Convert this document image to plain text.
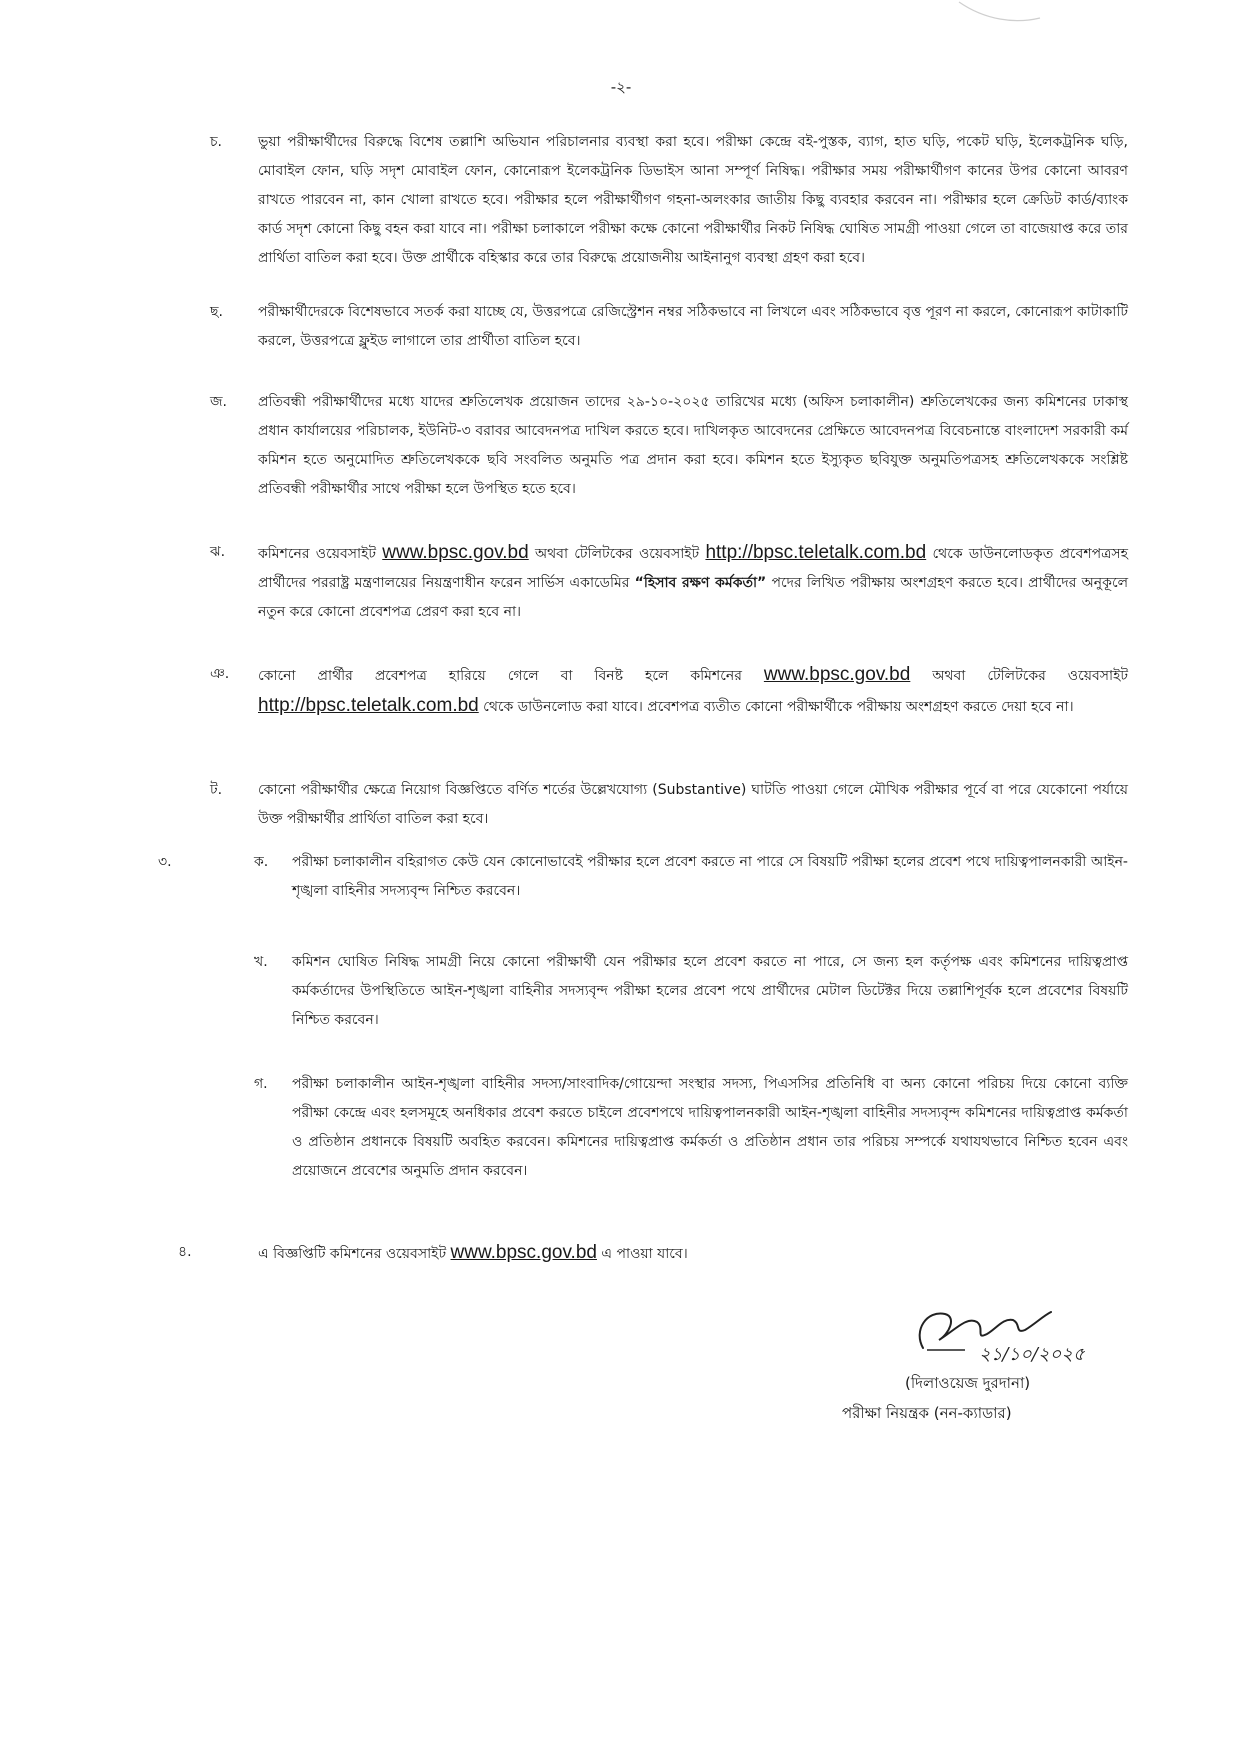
-২-
চ.	ভুয়া পরীক্ষার্থীদের বিরুদ্ধে বিশেষ তল্লাশি অভিযান পরিচালনার ব্যবস্থা করা হবে। পরীক্ষা কেন্দ্রে বই-পুস্তক, ব্যাগ, হাত ঘড়ি, পকেট ঘড়ি, ইলেকট্রনিক ঘড়ি, মোবাইল ফোন, ঘড়ি সদৃশ মোবাইল ফোন, কোনোরূপ ইলেকট্রনিক ডিভাইস আনা সম্পূর্ণ নিষিদ্ধ। পরীক্ষার সময় পরীক্ষার্থীগণ কানের উপর কোনো আবরণ রাখতে পারবেন না, কান খোলা রাখতে হবে। পরীক্ষার হলে পরীক্ষার্থীগণ গহনা-অলংকার জাতীয় কিছু ব্যবহার করবেন না। পরীক্ষার হলে ক্রেডিট কার্ড/ব্যাংক কার্ড সদৃশ কোনো কিছু বহন করা যাবে না। পরীক্ষা চলাকালে পরীক্ষা কক্ষে কোনো পরীক্ষার্থীর নিকট নিষিদ্ধ ঘোষিত সামগ্রী পাওয়া গেলে তা বাজেয়াপ্ত করে তার প্রার্থিতা বাতিল করা হবে। উক্ত প্রার্থীকে বহিস্কার করে তার বিরুদ্ধে প্রয়োজনীয় আইনানুগ ব্যবস্থা গ্রহণ করা হবে।
ছ.	পরীক্ষার্থীদেরকে বিশেষভাবে সতর্ক করা যাচ্ছে যে, উত্তরপত্রে রেজিস্ট্রেশন নম্বর সঠিকভাবে না লিখলে এবং সঠিকভাবে বৃত্ত পূরণ না করলে, কোনোরূপ কাটাকাটি করলে, উত্তরপত্রে ফ্লুইড লাগালে তার প্রার্থীতা বাতিল হবে।
জ. প্রতিবন্ধী পরীক্ষার্থীদের মধ্যে যাদের শ্রুতিলেখক প্রয়োজন তাদের ২৯-১০-২০২৫ তারিখের মধ্যে (অফিস চলাকালীন) শ্রুতিলেখকের জন্য কমিশনের ঢাকাস্থ প্রধান কার্যালয়ের পরিচালক, ইউনিট-৩ বরাবর আবেদনপত্র দাখিল করতে হবে। দাখিলকৃত আবেদনের প্রেক্ষিতে আবেদনপত্র বিবেচনান্তে বাংলাদেশ সরকারী কর্ম কমিশন হতে অনুমোদিত শ্রুতিলেখককে ছবি সংবলিত অনুমতি পত্র প্রদান করা হবে। কমিশন হতে ইস্যুকৃত ছবিযুক্ত অনুমতিপত্রসহ শ্রুতিলেখককে সংশ্লিষ্ট প্রতিবন্ধী পরীক্ষার্থীর সাথে পরীক্ষা হলে উপস্থিত হতে হবে।
ঝ. কমিশনের ওয়েবসাইট www.bpsc.gov.bd অথবা টেলিটকের ওয়েবসাইট http://bpsc.teletalk.com.bd থেকে ডাউনলোডকৃত প্রবেশপত্রসহ প্রার্থীদের পররাষ্ট্র মন্ত্রণালয়ের নিয়ন্ত্রণাধীন ফরেন সার্ভিস একাডেমির “হিসাব রক্ষণ কর্মকর্তা” পদের লিখিত পরীক্ষায় অংশগ্রহণ করতে হবে। প্রার্থীদের অনুকূলে নতুন করে কোনো প্রবেশপত্র প্রেরণ করা হবে না।
ঞ. কোনো প্রার্থীর প্রবেশপত্র হারিয়ে গেলে বা বিনষ্ট হলে কমিশনের www.bpsc.gov.bd অথবা টেলিটকের ওয়েবসাইট http://bpsc.teletalk.com.bd থেকে ডাউনলোড করা যাবে। প্রবেশপত্র ব্যতীত কোনো পরীক্ষার্থীকে পরীক্ষায় অংশগ্রহণ করতে দেয়া হবে না।
ট.	কোনো পরীক্ষার্থীর ক্ষেত্রে নিয়োগ বিজ্ঞপ্তিতে বর্ণিত শর্তের উল্লেখযোগ্য (Substantive) ঘাটতি পাওয়া গেলে মৌখিক পরীক্ষার পূর্বে বা পরে যেকোনো পর্যায়ে উক্ত পরীক্ষার্থীর প্রার্থিতা বাতিল করা হবে।
৩.	ক. পরীক্ষা চলাকালীন বহিরাগত কেউ যেন কোনোভাবেই পরীক্ষার হলে প্রবেশ করতে না পারে সে বিষয়টি পরীক্ষা হলের প্রবেশ পথে দায়িত্বপালনকারী আইন-শৃঙ্খলা বাহিনীর সদস্যবৃন্দ নিশ্চিত করবেন।
খ. কমিশন ঘোষিত নিষিদ্ধ সামগ্রী নিয়ে কোনো পরীক্ষার্থী যেন পরীক্ষার হলে প্রবেশ করতে না পারে, সে জন্য হল কর্তৃপক্ষ এবং কমিশনের দায়িত্বপ্রাপ্ত কর্মকর্তাদের উপস্থিতিতে আইন-শৃঙ্খলা বাহিনীর সদস্যবৃন্দ পরীক্ষা হলের প্রবেশ পথে প্রার্থীদের মেটাল ডিটেক্টর দিয়ে তল্লাশিপূর্বক হলে প্রবেশের বিষয়টি নিশ্চিত করবেন।
গ. পরীক্ষা চলাকালীন আইন-শৃঙ্খলা বাহিনীর সদস্য/সাংবাদিক/গোয়েন্দা সংস্থার সদস্য, পিএসসির প্রতিনিধি বা অন্য কোনো পরিচয় দিয়ে কোনো ব্যক্তি পরীক্ষা কেন্দ্রে এবং হলসমূহে অনধিকার প্রবেশ করতে চাইলে প্রবেশপথে দায়িত্বপালনকারী আইন-শৃঙ্খলা বাহিনীর সদস্যবৃন্দ কমিশনের দায়িত্বপ্রাপ্ত কর্মকর্তা ও প্রতিষ্ঠান প্রধানকে বিষয়টি অবহিত করবেন। কমিশনের দায়িত্বপ্রাপ্ত কর্মকর্তা ও প্রতিষ্ঠান প্রধান তার পরিচয় সম্পর্কে যথাযথভাবে নিশ্চিত হবেন এবং প্রয়োজনে প্রবেশের অনুমতি প্রদান করবেন।
৪.	এ বিজ্ঞপ্তিটি কমিশনের ওয়েবসাইট www.bpsc.gov.bd এ পাওয়া যাবে।
২১/১০/২০২৫
(দিলাওয়েজ দুরদানা)
পরীক্ষা নিয়ন্ত্রক (নন-ক্যাডার)
